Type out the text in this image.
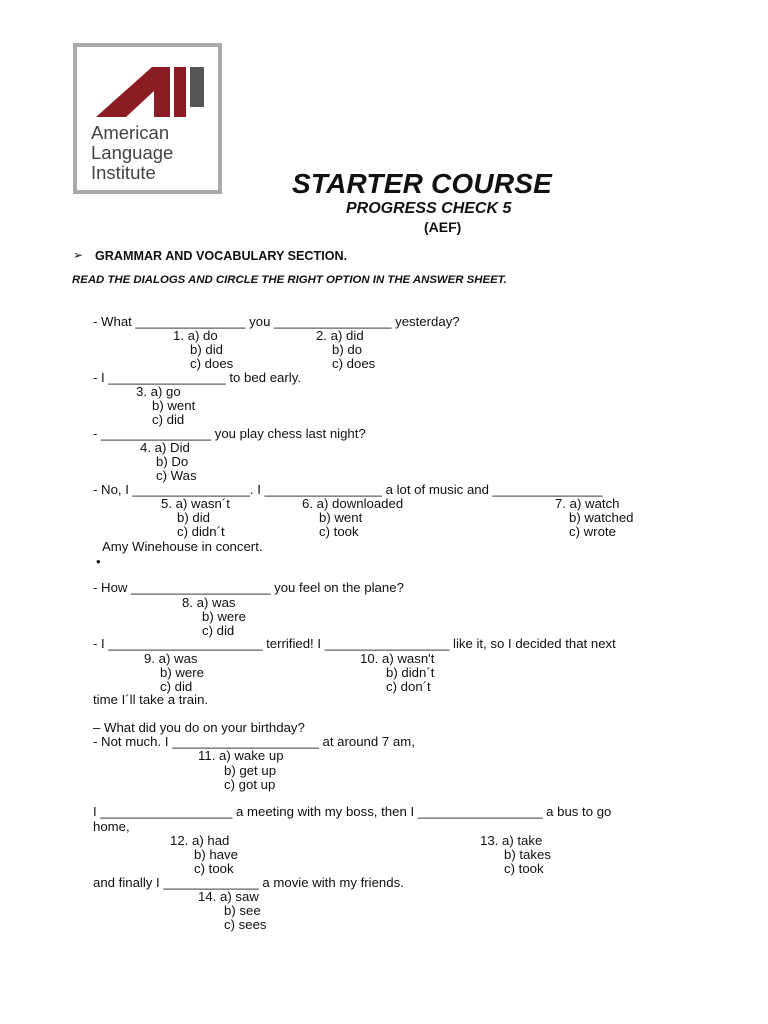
American
Language
Institute	STARTER COURSE
PROGRESS CHECK 5
(AEF)
➢ GRAMMAR AND VOCABULARY SECTION.
READ THE DIALOGS AND CIRCLE THE RIGHT OPTION IN THE ANSWER SHEET.
- What _______________ you ________________ yesterday?
1. a) do
b) did
c) does
2. a) did
b) do
c) does
- I ________________ to bed early.
3. a) go
b) went
c) did
- _______________ you play chess last night?
4. a) Did
b) Do
c) Was
- No, I ________________. I ________________ a lot of music and _______________
5. a) wasn´t
b) did
c) didn´t
6. a) downloaded
b) went
c) took
7. a) watch
b) watched
c) wrote
Amy Winehouse in concert.
•
- How ___________________ you feel on the plane?
8. a) was
b) were
c) did
- I _____________________ terrified! I _________________ like it, so I decided that next
9. a) was
b) were
c) did
10. a) wasn't
b) didn´t
c) don´t
time I´ll take a train.
– What did you do on your birthday?
- Not much. I ____________________ at around 7 am,
11. a) wake up
b) get up
c) got up
I __________________ a meeting with my boss, then I _________________ a bus to go
home,
12. a) had
b) have
c) took
13. a) take
b) takes
c) took
and finally I _____________ a movie with my friends.
14. a) saw
b) see
c) sees
